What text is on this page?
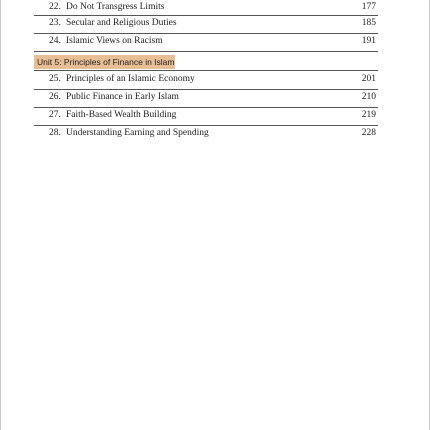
22. Do Not Transgress Limits	177
23. Secular and Religious Duties	185
24. Islamic Views on Racism	191
Unit 5: Principles of Finance in Islam
25. Principles of an Islamic Economy	201
26. Public Finance in Early Islam	210
27. Faith-Based Wealth Building	219
28. Understanding Earning and Spending	228
